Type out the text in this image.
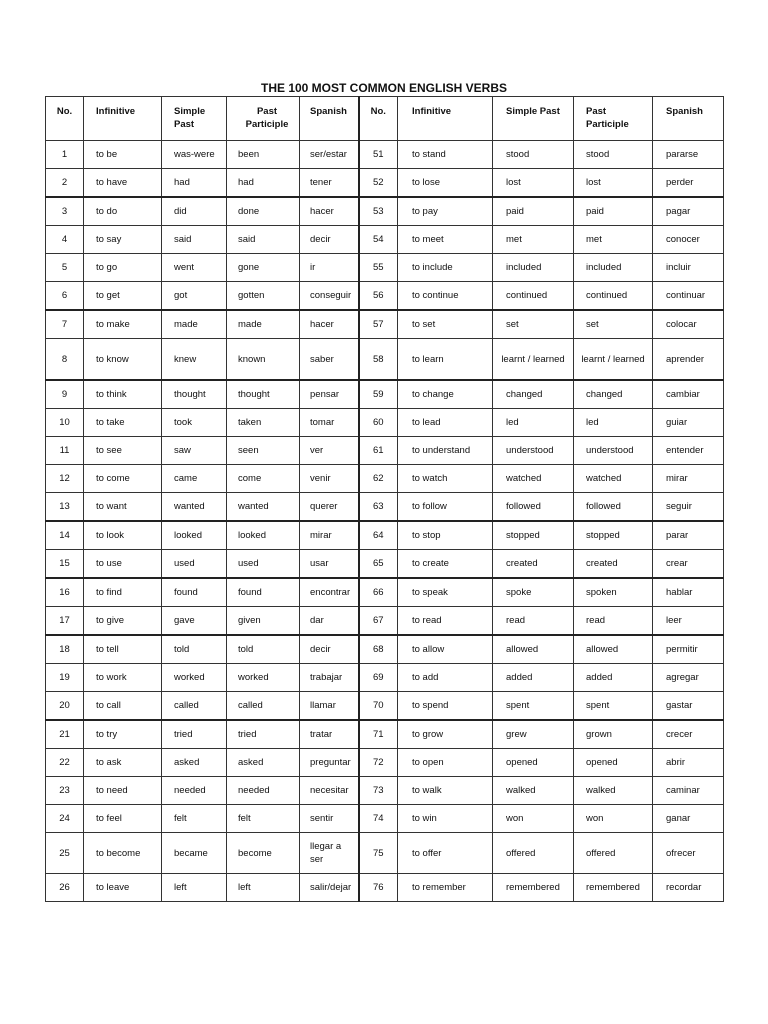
THE 100 MOST COMMON ENGLISH VERBS
No.	Infinitive	Simple Past	Past Participle	Spanish	No.	Infinitive	Simple Past	Past Participle	Spanish
1	to be	was-were	been	ser/estar	51	to stand	stood	stood	pararse
2	to have	had	had	tener	52	to lose	lost	lost	perder
3	to do	did	done	hacer	53	to pay	paid	paid	pagar
4	to say	said	said	decir	54	to meet	met	met	conocer
5	to go	went	gone	ir	55	to include	included	included	incluir
6	to get	got	gotten	conseguir	56	to continue	continued	continued	continuar
7	to make	made	made	hacer	57	to set	set	set	colocar
8	to know	knew	known	saber	58	to learn	learnt / learned	learnt / learned	aprender
9	to think	thought	thought	pensar	59	to change	changed	changed	cambiar
10	to take	took	taken	tomar	60	to lead	led	led	guiar
11	to see	saw	seen	ver	61	to understand	understood	understood	entender
12	to come	came	come	venir	62	to watch	watched	watched	mirar
13	to want	wanted	wanted	querer	63	to follow	followed	followed	seguir
14	to look	looked	looked	mirar	64	to stop	stopped	stopped	parar
15	to use	used	used	usar	65	to create	created	created	crear
16	to find	found	found	encontrar	66	to speak	spoke	spoken	hablar
17	to give	gave	given	dar	67	to read	read	read	leer
18	to tell	told	told	decir	68	to allow	allowed	allowed	permitir
19	to work	worked	worked	trabajar	69	to add	added	added	agregar
20	to call	called	called	llamar	70	to spend	spent	spent	gastar
21	to try	tried	tried	tratar	71	to grow	grew	grown	crecer
22	to ask	asked	asked	preguntar	72	to open	opened	opened	abrir
23	to need	needed	needed	necesitar	73	to walk	walked	walked	caminar
24	to feel	felt	felt	sentir	74	to win	won	won	ganar
25	to become	became	become	llegar a ser	75	to offer	offered	offered	ofrecer
26	to leave	left	left	salir/dejar	76	to remember	remembered	remembered	recordar
